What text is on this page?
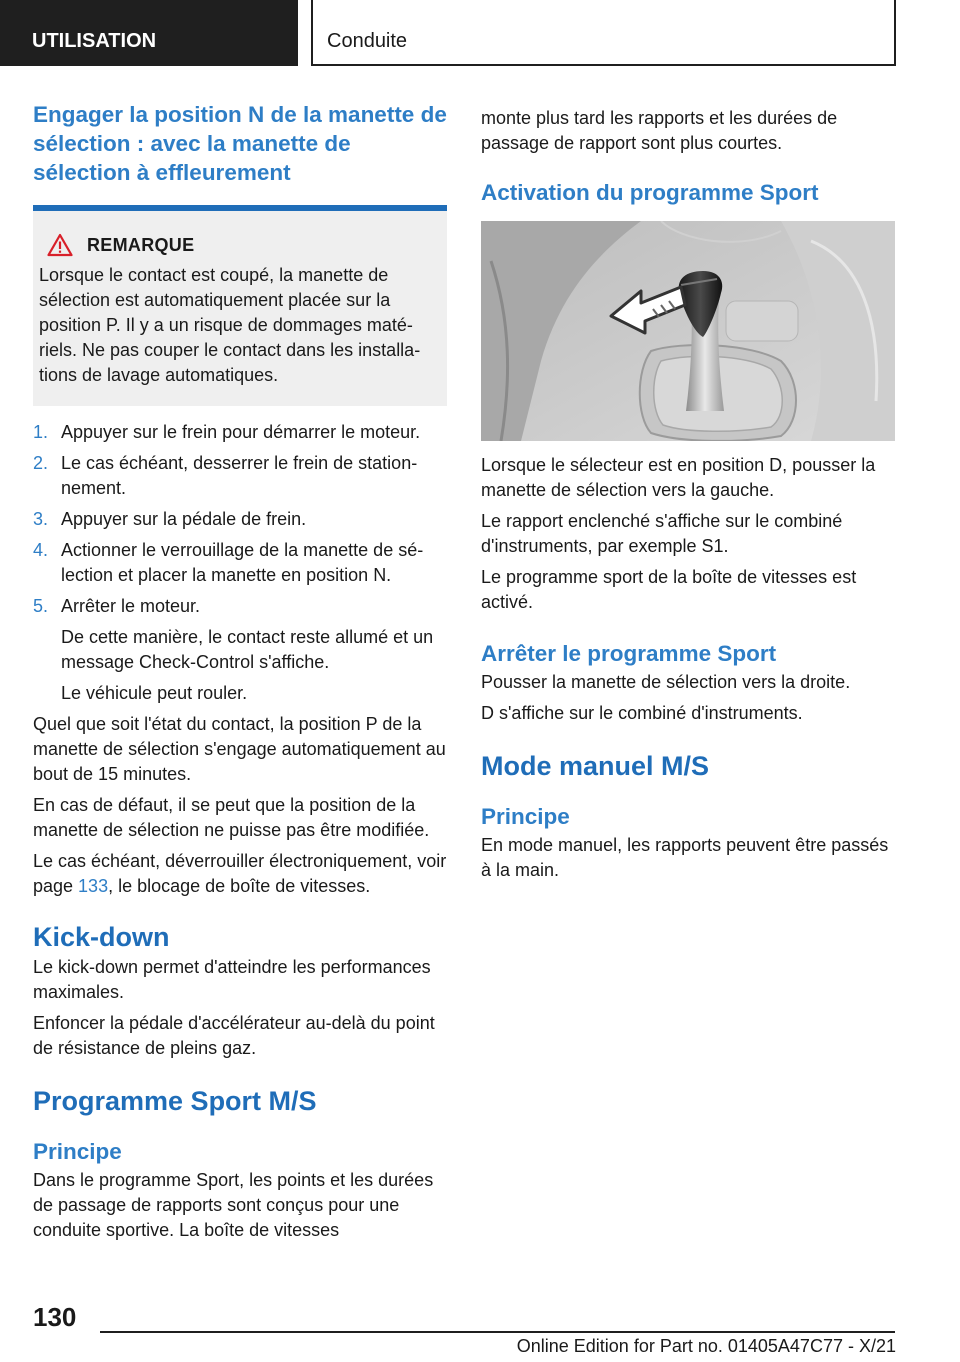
UTILISATION	Conduite
Engager la position N de la manette de sélection : avec la manette de sélection à effleurement
REMARQUE

Lorsque le contact est coupé, la manette de sélection est automatiquement placée sur la position P. Il y a un risque de dommages matériels. Ne pas couper le contact dans les installations de lavage automatiques.

1. Appuyer sur le frein pour démarrer le moteur.
2. Le cas échéant, desserrer le frein de stationnement.
3. Appuyer sur la pédale de frein.
4. Actionner le verrouillage de la manette de sélection et placer la manette en position N.
5. Arrêter le moteur.

De cette manière, le contact reste allumé et un message Check-Control s'affiche.

Le véhicule peut rouler.

Quel que soit l'état du contact, la position P de la manette de sélection s'engage automatiquement au bout de 15 minutes.

En cas de défaut, il se peut que la position de la manette de sélection ne puisse pas être modifiée.

Le cas échéant, déverrouiller électroniquement, voir page 133, le blocage de boîte de vitesses.

Kick-down

Le kick-down permet d'atteindre les performances maximales.

Enfoncer la pédale d'accélérateur au-delà du point de résistance de pleins gaz.

Programme Sport M/S
Principe

Dans le programme Sport, les points et les durées de passage de rapports sont conçus pour une conduite sportive. La boîte de vitesses

monte plus tard les rapports et les durées de passage de rapport sont plus courtes.

Activation du programme Sport

Lorsque le sélecteur est en position D, pousser la manette de sélection vers la gauche.

Le rapport enclenché s'affiche sur le combiné d'instruments, par exemple S1.

Le programme sport de la boîte de vitesses est activé.

Arrêter le programme Sport

Pousser la manette de sélection vers la droite.

D s'affiche sur le combiné d'instruments.

Mode manuel M/S
Principe

En mode manuel, les rapports peuvent être passés à la main.

130
Online Edition for Part no. 01405A47C77 - X/21
